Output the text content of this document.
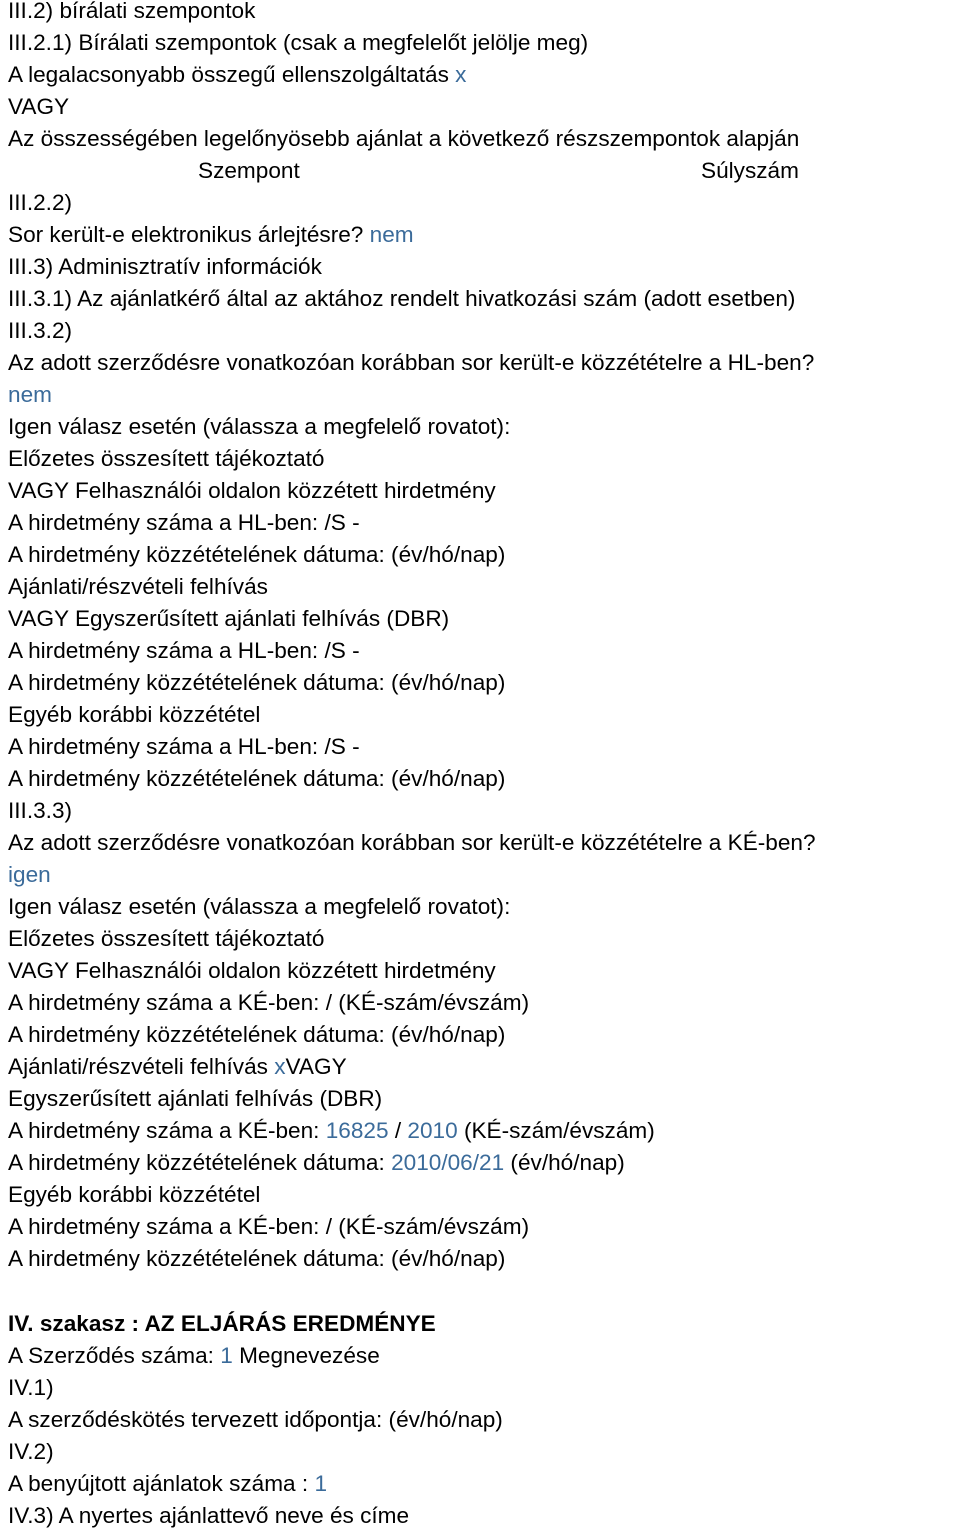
III.2) bírálati szempontok
III.2.1) Bírálati szempontok (csak a megfelelőt jelölje meg)
A legalacsonyabb összegű ellenszolgáltatás x
VAGY
Az összességében legelőnyösebb ajánlat a következő részszempontok alapján
Szempont	Súlyszám
III.2.2)
Sor került-e elektronikus árlejtésre? nem
III.3) Adminisztratív információk
III.3.1) Az ajánlatkérő által az aktához rendelt hivatkozási szám (adott esetben)
III.3.2)
Az adott szerződésre vonatkozóan korábban sor került-e közzétételre a HL-ben?
nem
Igen válasz esetén (válassza a megfelelő rovatot):
Előzetes összesített tájékoztató
VAGY Felhasználói oldalon közzétett hirdetmény
A hirdetmény száma a HL-ben: /S -
A hirdetmény közzétételének dátuma: (év/hó/nap)
Ajánlati/részvételi felhívás
VAGY Egyszerűsített ajánlati felhívás (DBR)
A hirdetmény száma a HL-ben: /S -
A hirdetmény közzétételének dátuma: (év/hó/nap)
Egyéb korábbi közzététel
A hirdetmény száma a HL-ben: /S -
A hirdetmény közzétételének dátuma: (év/hó/nap)
III.3.3)
Az adott szerződésre vonatkozóan korábban sor került-e közzétételre a KÉ-ben?
igen
Igen válasz esetén (válassza a megfelelő rovatot):
Előzetes összesített tájékoztató
VAGY Felhasználói oldalon közzétett hirdetmény
A hirdetmény száma a KÉ-ben: / (KÉ-szám/évszám)
A hirdetmény közzétételének dátuma: (év/hó/nap)
Ajánlati/részvételi felhívás xVAGY
Egyszerűsített ajánlati felhívás (DBR)
A hirdetmény száma a KÉ-ben: 16825 / 2010 (KÉ-szám/évszám)
A hirdetmény közzétételének dátuma: 2010/06/21 (év/hó/nap)
Egyéb korábbi közzététel
A hirdetmény száma a KÉ-ben: / (KÉ-szám/évszám)
A hirdetmény közzétételének dátuma: (év/hó/nap)
IV. szakasz : AZ ELJÁRÁS EREDMÉNYE
A Szerződés száma: 1 Megnevezése
IV.1)
A szerződéskötés tervezett időpontja: (év/hó/nap)
IV.2)
A benyújtott ajánlatok száma : 1
IV.3) A nyertes ajánlattevő neve és címe
